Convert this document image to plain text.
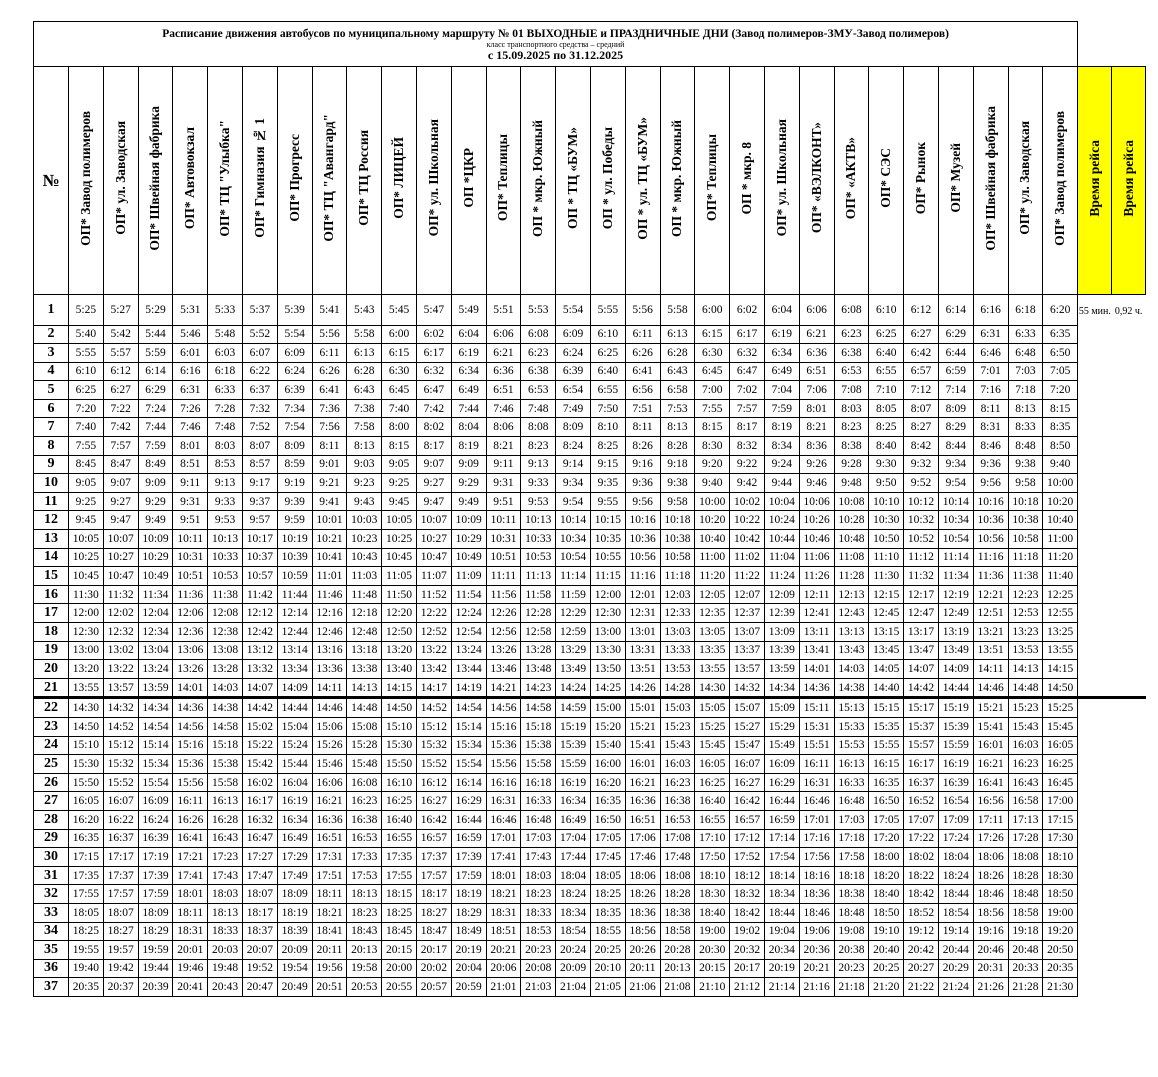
Расписание движения автобусов по муниципальному маршруту № 01 ВЫХОДНЫЕ и ПРАЗДНИЧНЫЕ ДНИ (Завод полимеров-ЗМУ-Завод полимеров)
класс транспортного средства – средний
с 15.09.2025 по 31.12.2025																															

№	ОП* Завод полимеров	ОП* ул. Заводская	ОП* Швейная фабрика	ОП* Автовокзал	ОП* ТЦ "Улыбка"	ОП* Гимназия № 1	ОП* Прогресс	ОП* ТЦ "Авангард"	ОП* ТЦ Россия	ОП* ЛИЦЕЙ	ОП* ул. Школьная	ОП *ЦКР	ОП* Теплицы	ОП * мкр. Южный	ОП * ТЦ «БУМ»	ОП * ул. Победы	ОП * ул. ТЦ «БУМ»	ОП * мкр. Южный	ОП* Теплицы	ОП * мкр. 8	ОП* ул. Школьная	ОП* «ВЭЛКОНТ»	ОП* «АКТВ»	ОП* СЭС	ОП* Рынок	ОП* Музей	ОП* Швейная фабрика	ОП* ул. Заводская	ОП* Завод полимеров	Время рейса	Время рейса
1	5:25	5:27	5:29	5:31	5:33	5:37	5:39	5:41	5:43	5:45	5:47	5:49	5:51	5:53	5:54	5:55	5:56	5:58	6:00	6:02	6:04	6:06	6:08	6:10	6:12	6:14	6:16	6:18	6:20	55 мин.	0,92 ч.
2	5:40	5:42	5:44	5:46	5:48	5:52	5:54	5:56	5:58	6:00	6:02	6:04	6:06	6:08	6:09	6:10	6:11	6:13	6:15	6:17	6:19	6:21	6:23	6:25	6:27	6:29	6:31	6:33	6:35		
3	5:55	5:57	5:59	6:01	6:03	6:07	6:09	6:11	6:13	6:15	6:17	6:19	6:21	6:23	6:24	6:25	6:26	6:28	6:30	6:32	6:34	6:36	6:38	6:40	6:42	6:44	6:46	6:48	6:50		
4	6:10	6:12	6:14	6:16	6:18	6:22	6:24	6:26	6:28	6:30	6:32	6:34	6:36	6:38	6:39	6:40	6:41	6:43	6:45	6:47	6:49	6:51	6:53	6:55	6:57	6:59	7:01	7:03	7:05		
5	6:25	6:27	6:29	6:31	6:33	6:37	6:39	6:41	6:43	6:45	6:47	6:49	6:51	6:53	6:54	6:55	6:56	6:58	7:00	7:02	7:04	7:06	7:08	7:10	7:12	7:14	7:16	7:18	7:20		
6	7:20	7:22	7:24	7:26	7:28	7:32	7:34	7:36	7:38	7:40	7:42	7:44	7:46	7:48	7:49	7:50	7:51	7:53	7:55	7:57	7:59	8:01	8:03	8:05	8:07	8:09	8:11	8:13	8:15		
7	7:40	7:42	7:44	7:46	7:48	7:52	7:54	7:56	7:58	8:00	8:02	8:04	8:06	8:08	8:09	8:10	8:11	8:13	8:15	8:17	8:19	8:21	8:23	8:25	8:27	8:29	8:31	8:33	8:35		
8	7:55	7:57	7:59	8:01	8:03	8:07	8:09	8:11	8:13	8:15	8:17	8:19	8:21	8:23	8:24	8:25	8:26	8:28	8:30	8:32	8:34	8:36	8:38	8:40	8:42	8:44	8:46	8:48	8:50		
9	8:45	8:47	8:49	8:51	8:53	8:57	8:59	9:01	9:03	9:05	9:07	9:09	9:11	9:13	9:14	9:15	9:16	9:18	9:20	9:22	9:24	9:26	9:28	9:30	9:32	9:34	9:36	9:38	9:40		
10	9:05	9:07	9:09	9:11	9:13	9:17	9:19	9:21	9:23	9:25	9:27	9:29	9:31	9:33	9:34	9:35	9:36	9:38	9:40	9:42	9:44	9:46	9:48	9:50	9:52	9:54	9:56	9:58	10:00		
11	9:25	9:27	9:29	9:31	9:33	9:37	9:39	9:41	9:43	9:45	9:47	9:49	9:51	9:53	9:54	9:55	9:56	9:58	10:00	10:02	10:04	10:06	10:08	10:10	10:12	10:14	10:16	10:18	10:20		
12	9:45	9:47	9:49	9:51	9:53	9:57	9:59	10:01	10:03	10:05	10:07	10:09	10:11	10:13	10:14	10:15	10:16	10:18	10:20	10:22	10:24	10:26	10:28	10:30	10:32	10:34	10:36	10:38	10:40		
13	10:05	10:07	10:09	10:11	10:13	10:17	10:19	10:21	10:23	10:25	10:27	10:29	10:31	10:33	10:34	10:35	10:36	10:38	10:40	10:42	10:44	10:46	10:48	10:50	10:52	10:54	10:56	10:58	11:00		
14	10:25	10:27	10:29	10:31	10:33	10:37	10:39	10:41	10:43	10:45	10:47	10:49	10:51	10:53	10:54	10:55	10:56	10:58	11:00	11:02	11:04	11:06	11:08	11:10	11:12	11:14	11:16	11:18	11:20		
15	10:45	10:47	10:49	10:51	10:53	10:57	10:59	11:01	11:03	11:05	11:07	11:09	11:11	11:13	11:14	11:15	11:16	11:18	11:20	11:22	11:24	11:26	11:28	11:30	11:32	11:34	11:36	11:38	11:40		
16	11:30	11:32	11:34	11:36	11:38	11:42	11:44	11:46	11:48	11:50	11:52	11:54	11:56	11:58	11:59	12:00	12:01	12:03	12:05	12:07	12:09	12:11	12:13	12:15	12:17	12:19	12:21	12:23	12:25		
17	12:00	12:02	12:04	12:06	12:08	12:12	12:14	12:16	12:18	12:20	12:22	12:24	12:26	12:28	12:29	12:30	12:31	12:33	12:35	12:37	12:39	12:41	12:43	12:45	12:47	12:49	12:51	12:53	12:55		
18	12:30	12:32	12:34	12:36	12:38	12:42	12:44	12:46	12:48	12:50	12:52	12:54	12:56	12:58	12:59	13:00	13:01	13:03	13:05	13:07	13:09	13:11	13:13	13:15	13:17	13:19	13:21	13:23	13:25		
19	13:00	13:02	13:04	13:06	13:08	13:12	13:14	13:16	13:18	13:20	13:22	13:24	13:26	13:28	13:29	13:30	13:31	13:33	13:35	13:37	13:39	13:41	13:43	13:45	13:47	13:49	13:51	13:53	13:55		
20	13:20	13:22	13:24	13:26	13:28	13:32	13:34	13:36	13:38	13:40	13:42	13:44	13:46	13:48	13:49	13:50	13:51	13:53	13:55	13:57	13:59	14:01	14:03	14:05	14:07	14:09	14:11	14:13	14:15		
21	13:55	13:57	13:59	14:01	14:03	14:07	14:09	14:11	14:13	14:15	14:17	14:19	14:21	14:23	14:24	14:25	14:26	14:28	14:30	14:32	14:34	14:36	14:38	14:40	14:42	14:44	14:46	14:48	14:50		
22	14:30	14:32	14:34	14:36	14:38	14:42	14:44	14:46	14:48	14:50	14:52	14:54	14:56	14:58	14:59	15:00	15:01	15:03	15:05	15:07	15:09	15:11	15:13	15:15	15:17	15:19	15:21	15:23	15:25		
23	14:50	14:52	14:54	14:56	14:58	15:02	15:04	15:06	15:08	15:10	15:12	15:14	15:16	15:18	15:19	15:20	15:21	15:23	15:25	15:27	15:29	15:31	15:33	15:35	15:37	15:39	15:41	15:43	15:45		
24	15:10	15:12	15:14	15:16	15:18	15:22	15:24	15:26	15:28	15:30	15:32	15:34	15:36	15:38	15:39	15:40	15:41	15:43	15:45	15:47	15:49	15:51	15:53	15:55	15:57	15:59	16:01	16:03	16:05		
25	15:30	15:32	15:34	15:36	15:38	15:42	15:44	15:46	15:48	15:50	15:52	15:54	15:56	15:58	15:59	16:00	16:01	16:03	16:05	16:07	16:09	16:11	16:13	16:15	16:17	16:19	16:21	16:23	16:25		
26	15:50	15:52	15:54	15:56	15:58	16:02	16:04	16:06	16:08	16:10	16:12	16:14	16:16	16:18	16:19	16:20	16:21	16:23	16:25	16:27	16:29	16:31	16:33	16:35	16:37	16:39	16:41	16:43	16:45		
27	16:05	16:07	16:09	16:11	16:13	16:17	16:19	16:21	16:23	16:25	16:27	16:29	16:31	16:33	16:34	16:35	16:36	16:38	16:40	16:42	16:44	16:46	16:48	16:50	16:52	16:54	16:56	16:58	17:00		
28	16:20	16:22	16:24	16:26	16:28	16:32	16:34	16:36	16:38	16:40	16:42	16:44	16:46	16:48	16:49	16:50	16:51	16:53	16:55	16:57	16:59	17:01	17:03	17:05	17:07	17:09	17:11	17:13	17:15		
29	16:35	16:37	16:39	16:41	16:43	16:47	16:49	16:51	16:53	16:55	16:57	16:59	17:01	17:03	17:04	17:05	17:06	17:08	17:10	17:12	17:14	17:16	17:18	17:20	17:22	17:24	17:26	17:28	17:30		
30	17:15	17:17	17:19	17:21	17:23	17:27	17:29	17:31	17:33	17:35	17:37	17:39	17:41	17:43	17:44	17:45	17:46	17:48	17:50	17:52	17:54	17:56	17:58	18:00	18:02	18:04	18:06	18:08	18:10		
31	17:35	17:37	17:39	17:41	17:43	17:47	17:49	17:51	17:53	17:55	17:57	17:59	18:01	18:03	18:04	18:05	18:06	18:08	18:10	18:12	18:14	18:16	18:18	18:20	18:22	18:24	18:26	18:28	18:30		
32	17:55	17:57	17:59	18:01	18:03	18:07	18:09	18:11	18:13	18:15	18:17	18:19	18:21	18:23	18:24	18:25	18:26	18:28	18:30	18:32	18:34	18:36	18:38	18:40	18:42	18:44	18:46	18:48	18:50		
33	18:05	18:07	18:09	18:11	18:13	18:17	18:19	18:21	18:23	18:25	18:27	18:29	18:31	18:33	18:34	18:35	18:36	18:38	18:40	18:42	18:44	18:46	18:48	18:50	18:52	18:54	18:56	18:58	19:00		
34	18:25	18:27	18:29	18:31	18:33	18:37	18:39	18:41	18:43	18:45	18:47	18:49	18:51	18:53	18:54	18:55	18:56	18:58	19:00	19:02	19:04	19:06	19:08	19:10	19:12	19:14	19:16	19:18	19:20		
35	19:55	19:57	19:59	20:01	20:03	20:07	20:09	20:11	20:13	20:15	20:17	20:19	20:21	20:23	20:24	20:25	20:26	20:28	20:30	20:32	20:34	20:36	20:38	20:40	20:42	20:44	20:46	20:48	20:50		
36	19:40	19:42	19:44	19:46	19:48	19:52	19:54	19:56	19:58	20:00	20:02	20:04	20:06	20:08	20:09	20:10	20:11	20:13	20:15	20:17	20:19	20:21	20:23	20:25	20:27	20:29	20:31	20:33	20:35		
37	20:35	20:37	20:39	20:41	20:43	20:47	20:49	20:51	20:53	20:55	20:57	20:59	21:01	21:03	21:04	21:05	21:06	21:08	21:10	21:12	21:14	21:16	21:18	21:20	21:22	21:24	21:26	21:28	21:30		
